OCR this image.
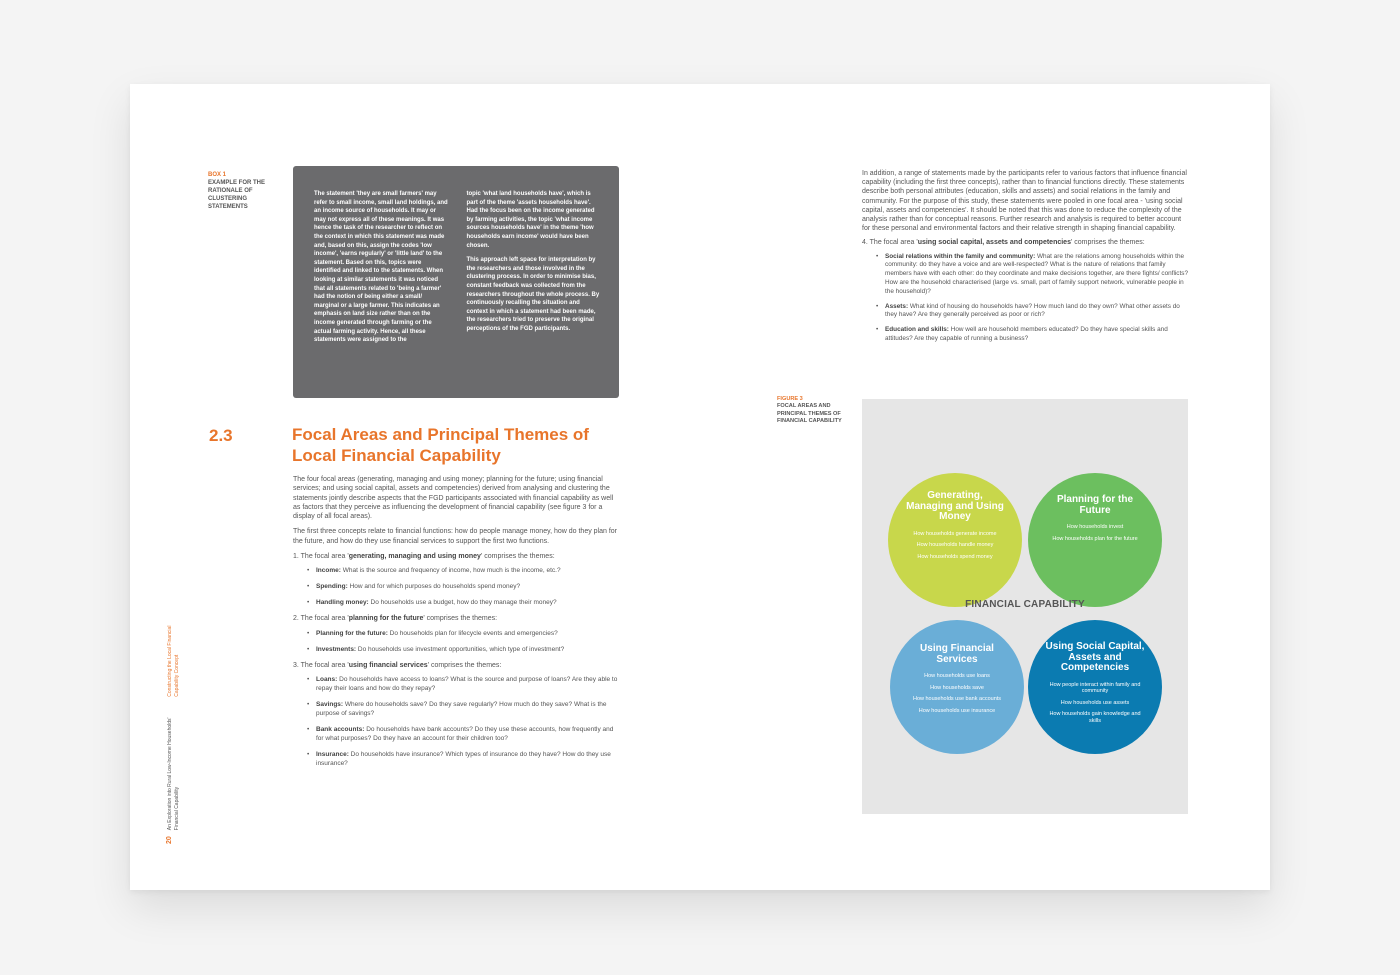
BOX 1
EXAMPLE FOR THE RATIONALE OF CLUSTERING STATEMENTS

The statement 'they are small farmers' may refer to small income, small land holdings, and an income source of households. It may or may not express all of these meanings. It was hence the task of the researcher to reflect on the context in which this statement was made and, based on this, assign the codes 'low income', 'earns regularly' or 'little land' to the statement. Based on this, topics were identified and linked to the statements. When looking at similar statements it was noticed that all statements related to 'being a farmer' had the notion of being either a small/ marginal or a large farmer. This indicates an emphasis on land size rather than on the income generated through farming or the actual farming activity. Hence, all these statements were assigned to the

topic 'what land households have', which is part of the theme 'assets households have'. Had the focus been on the income generated by farming activities, the topic 'what income sources households have' in the theme 'how households earn income' would have been chosen.

This approach left space for interpretation by the researchers and those involved in the clustering process. In order to minimise bias, constant feedback was collected from the researchers throughout the whole process. By continuously recalling the situation and context in which a statement had been made, the researchers tried to preserve the original perceptions of the FGD participants.

2.3	Focal Areas and Principal Themes of Local Financial Capability

The four focal areas (generating, managing and using money; planning for the future; using financial services; and using social capital, assets and competencies) derived from analysing and clustering the statements jointly describe aspects that the FGD participants associated with financial capability as well as factors that they perceive as influencing the development of financial capability (see figure 3 for a display of all focal areas).

The first three concepts relate to financial functions: how do people manage money, how do they plan for the future, and how do they use financial services to support the first two functions.

1. The focal area 'generating, managing and using money' comprises the themes:

• Income: What is the source and frequency of income, how much is the income, etc.?
• Spending: How and for which purposes do households spend money?
• Handling money: Do households use a budget, how do they manage their money?

2. The focal area 'planning for the future' comprises the themes:

• Planning for the future: Do households plan for lifecycle events and emergencies?
• Investments: Do households use investment opportunities, which type of investment?

3. The focal area 'using financial services' comprises the themes:

• Loans: Do households have access to loans? What is the source and purpose of loans? Are they able to repay their loans and how do they repay?
• Savings: Where do households save? Do they save regularly? How much do they save? What is the purpose of savings?
• Bank accounts: Do households have bank accounts? Do they use these accounts, how frequently and for what purposes? Do they have an account for their children too?
• Insurance: Do households have insurance? Which types of insurance do they have? How do they use insurance?
20
An Exploration into Rural Low-Income Households' Financial Capability
Constructing the Local Financial Capability Concept

In addition, a range of statements made by the participants refer to various factors that influence financial capability (including the first three concepts), rather than to financial functions directly. These statements describe both personal attributes (education, skills and assets) and social relations in the family and community. For the purpose of this study, these statements were pooled in one focal area - 'using social capital, assets and competencies'. It should be noted that this was done to reduce the complexity of the analysis rather than for conceptual reasons. Further research and analysis is required to better account for these personal and environmental factors and their relative strength in shaping financial capability.

4. The focal area 'using social capital, assets and competencies' comprises the themes:

• Social relations within the family and community: What are the relations among households within the community: do they have a voice and are well-respected? What is the nature of relations that family members have with each other: do they coordinate and make decisions together, are there fights/ conflicts? How are the household characterised (large vs. small, part of family support network, vulnerable people in the household)?
• Assets: What kind of housing do households have? How much land do they own? What other assets do they have? Are they generally perceived as poor or rich?
• Education and skills: How well are household members educated? Do they have special skills and attitudes? Are they capable of running a business?
FIGURE 3
FOCAL AREAS AND PRINCIPAL THEMES OF FINANCIAL CAPABILITY
Generating, Managing and Using Money
How households generate income
How households handle money
How households spend money
Planning for the Future
How households invest
How households plan for the future
FINANCIAL CAPABILITY
Using Financial Services
How households use loans
How households save
How households use bank accounts
How households use insurance
Using Social Capital, Assets and Competencies
How people interact within family and community
How households use assets
How households gain knowledge and skills
